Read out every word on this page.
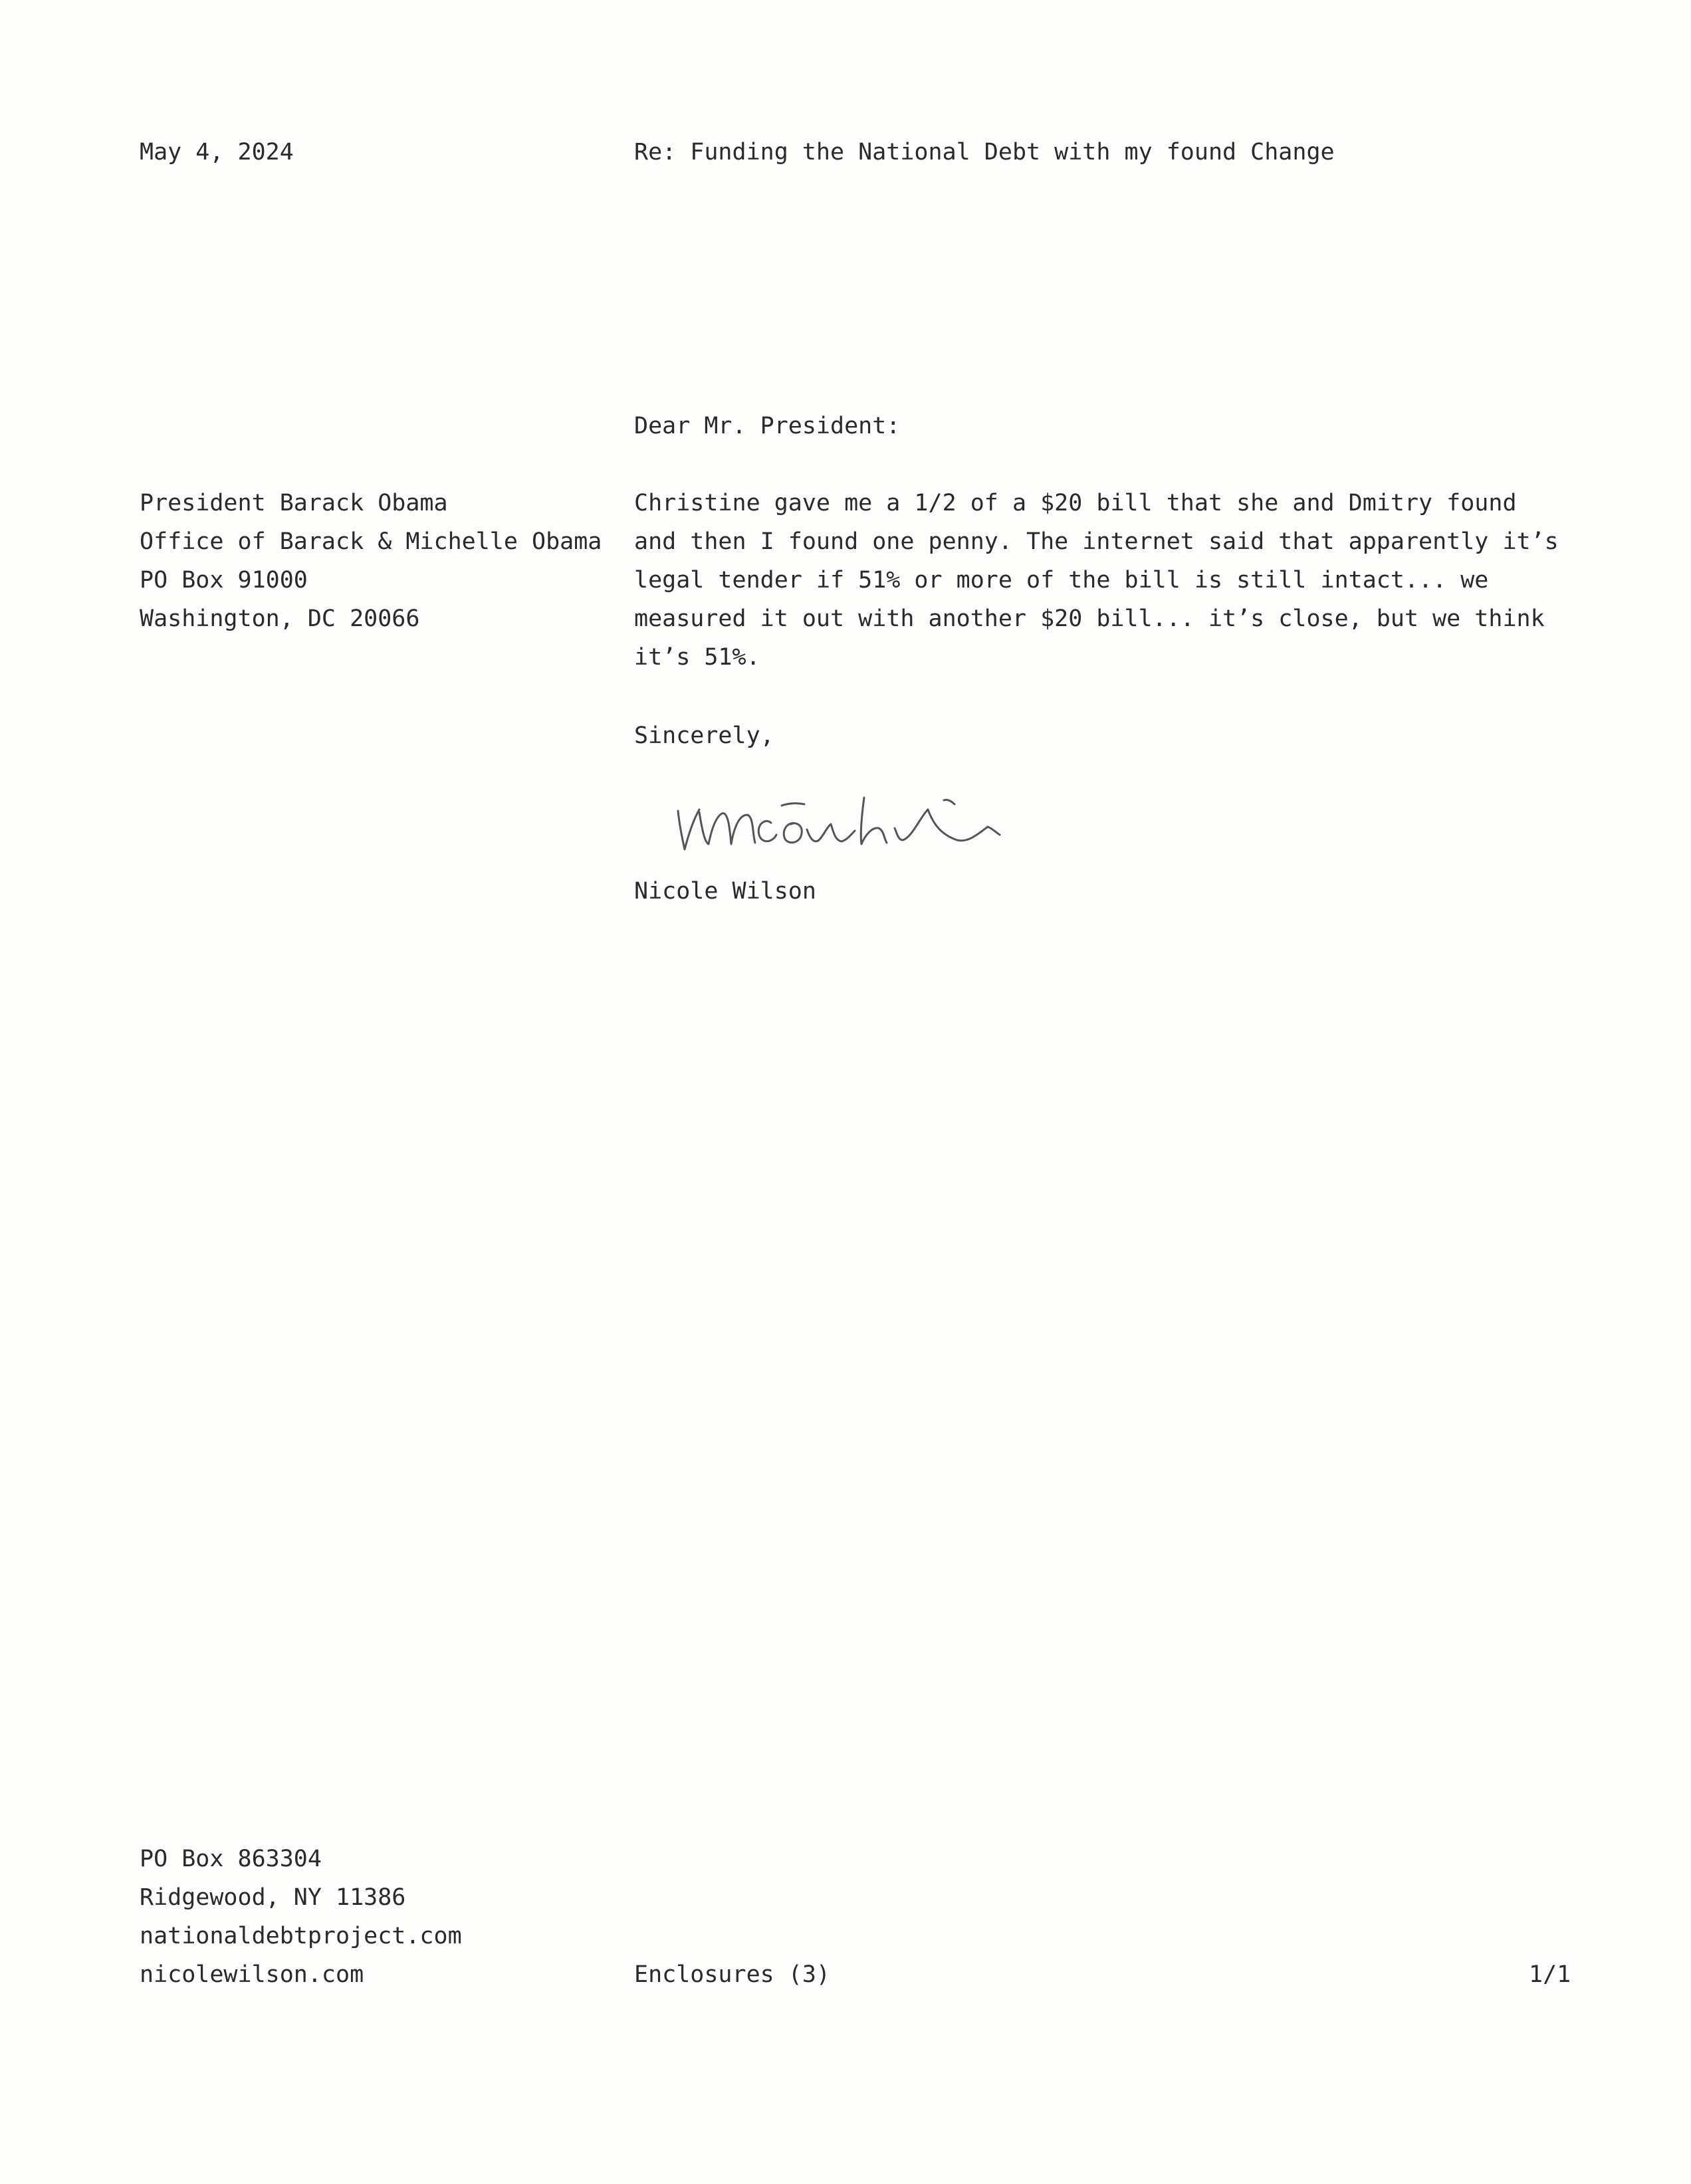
May 4, 2024	Re: Funding the National Debt with my found Change
Dear Mr. President:
President Barack Obama
Office of Barack & Michelle Obama
PO Box 91000
Washington, DC 20066
Christine gave me a 1/2 of a $20 bill that she and Dmitry found
and then I found one penny. The internet said that apparently it’s
legal tender if 51% or more of the bill is still intact... we
measured it out with another $20 bill... it’s close, but we think
it’s 51%.
Sincerely,
Nicole Wilson
PO Box 863304
Ridgewood, NY 11386
nationaldebtproject.com
nicolewilson.com	Enclosures (3)	1/1
